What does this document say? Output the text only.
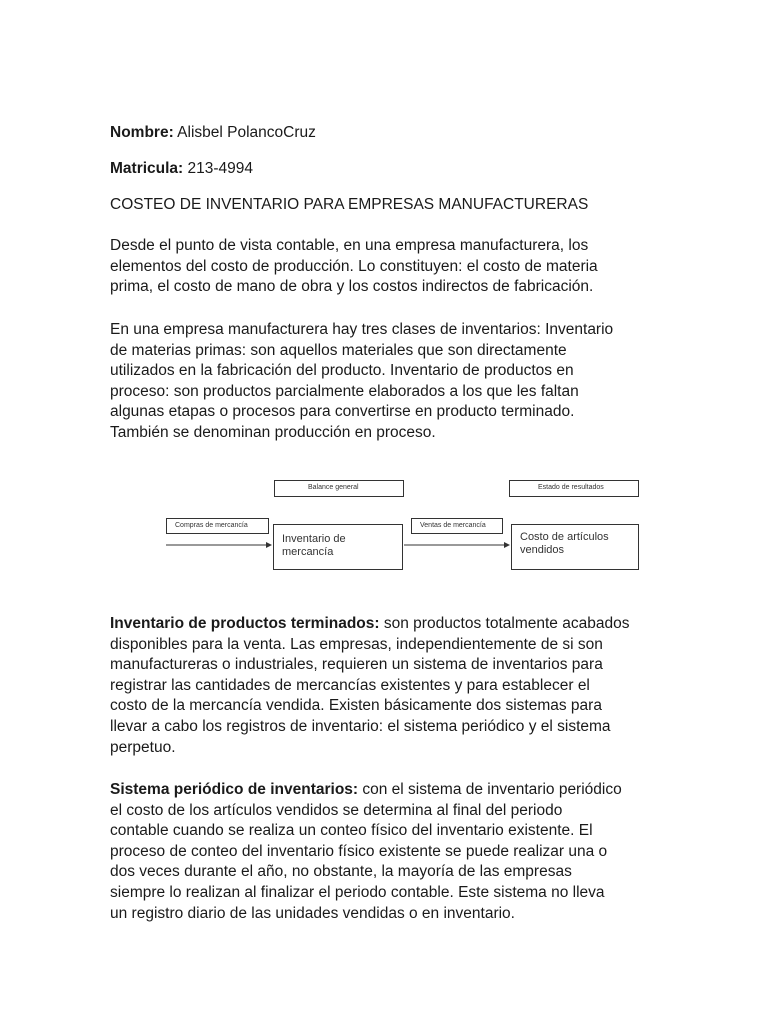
Nombre: Alisbel PolancoCruz
Matricula: 213-4994
COSTEO DE INVENTARIO PARA EMPRESAS MANUFACTURERAS
Desde el punto de vista contable, en una empresa manufacturera, los
elementos del costo de producción. Lo constituyen: el costo de materia
prima, el costo de mano de obra y los costos indirectos de fabricación.
En una empresa manufacturera hay tres clases de inventarios: Inventario
de materias primas: son aquellos materiales que son directamente
utilizados en la fabricación del producto. Inventario de productos en
proceso: son productos parcialmente elaborados a los que les faltan
algunas etapas o procesos para convertirse en producto terminado.
También se denominan producción en proceso.
Inventario de productos terminados: son productos totalmente acabados
disponibles para la venta. Las empresas, independientemente de si son
manufactureras o industriales, requieren un sistema de inventarios para
registrar las cantidades de mercancías existentes y para establecer el
costo de la mercancía vendida. Existen básicamente dos sistemas para
llevar a cabo los registros de inventario: el sistema periódico y el sistema
perpetuo.
Sistema periódico de inventarios: con el sistema de inventario periódico
el costo de los artículos vendidos se determina al final del periodo
contable cuando se realiza un conteo físico del inventario existente. El
proceso de conteo del inventario físico existente se puede realizar una o
dos veces durante el año, no obstante, la mayoría de las empresas
siempre lo realizan al finalizar el periodo contable. Este sistema no lleva
un registro diario de las unidades vendidas o en inventario.
Balance general	Estado de resultados
Compras de mercancía	Ventas de mercancía
Inventario de
mercancía
Costo de artículos
vendidos
